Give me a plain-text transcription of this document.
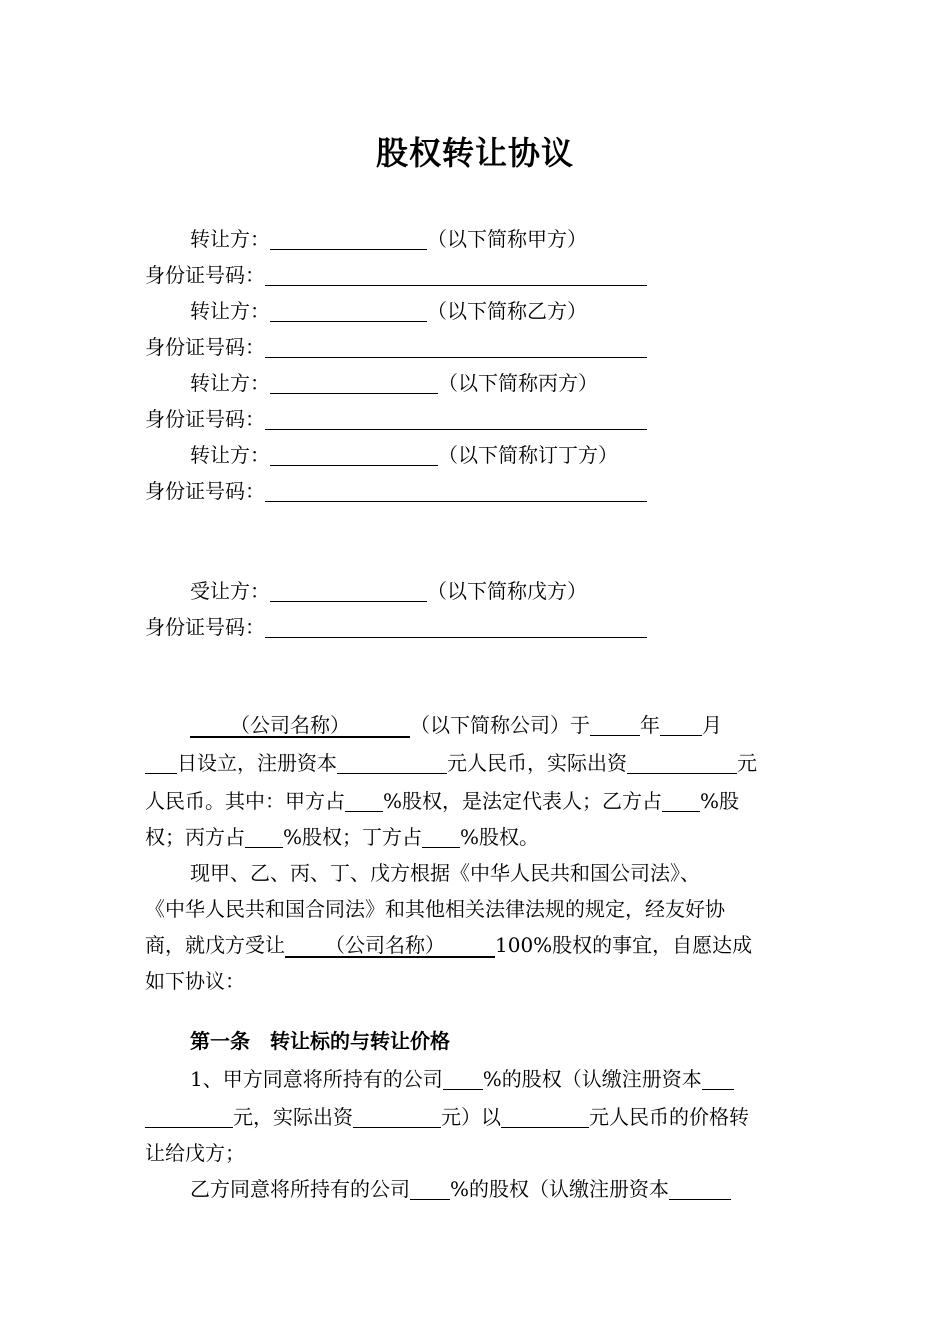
股权转让协议
转让方：	（以下简称甲方）
身份证号码：
转让方：	（以下简称乙方）
身份证号码：
转让方：	（以下简称丙方）
身份证号码：
转让方：	（以下简称订丁方）
身份证号码：
受让方：	（以下简称戊方）
身份证号码：
  （公司名称）   	（以下简称公司）于	年 月
日设立，注册资本	元人民币，实际出资	元
人民币。其中：甲方占 %股权，是法定代表人；乙方占 %股
权；丙方占 %股权；丁方占 %股权。
现甲、乙、丙、丁、戊方根据《中华人民共和国公司法》、
《中华人民共和国合同法》和其他相关法律法规的规定，经友好协
商，就戊方受让   （公司名称）   	100%股权的事宜，自愿达成
如下协议：
第一条　转让标的与转让价格
1、甲方同意将所持有的公司 %的股权（认缴注册资本
元，实际出资	元）以	元人民币的价格转
让给戊方；
乙方同意将所持有的公司 %的股权（认缴注册资本
